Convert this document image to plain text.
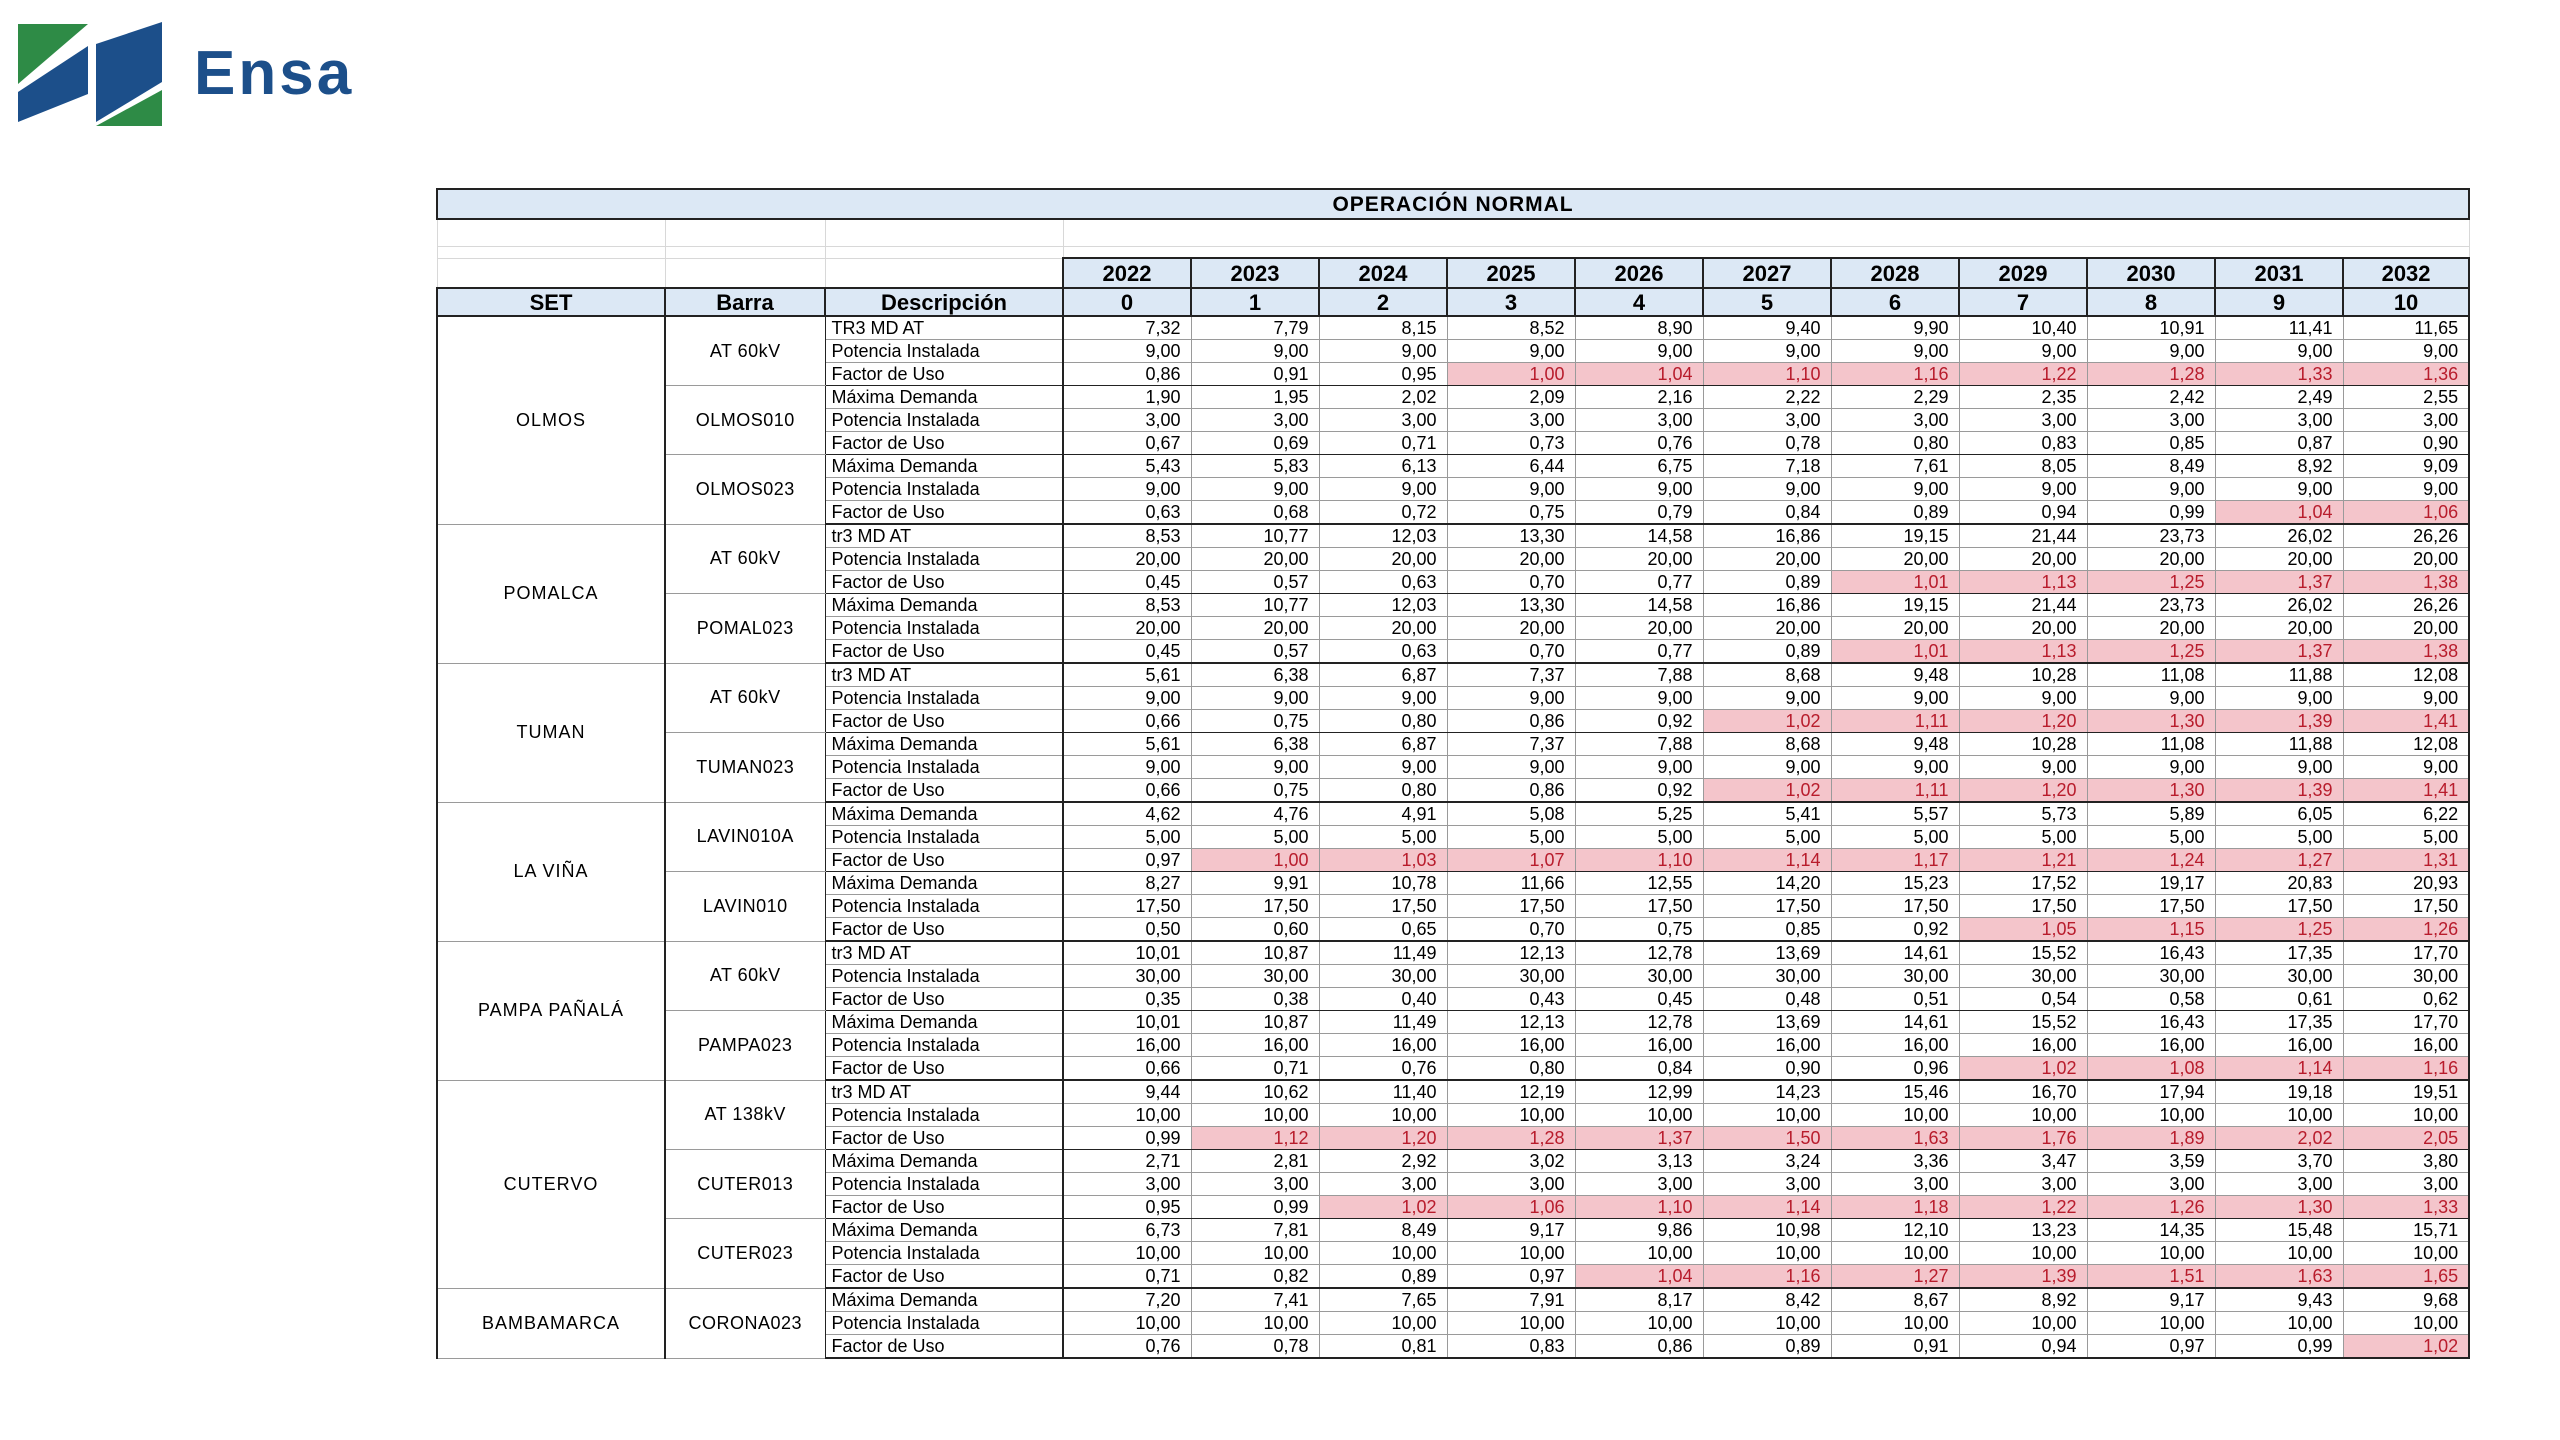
Ensa
OPERACIÓN NORMAL													

			2022	2023	2024	2025	2026	2027	2028	2029	2030	2031	2032
SET	Barra	Descripción	0	1	2	3	4	5	6	7	8	9	10
OLMOS	AT 60kV	TR3 MD AT	7,32	7,79	8,15	8,52	8,90	9,40	9,90	10,40	10,91	11,41	11,65
		Potencia Instalada	9,00	9,00	9,00	9,00	9,00	9,00	9,00	9,00	9,00	9,00	9,00
		Factor de Uso	0,86	0,91	0,95	1,00	1,04	1,10	1,16	1,22	1,28	1,33	1,36
	OLMOS010	Máxima Demanda	1,90	1,95	2,02	2,09	2,16	2,22	2,29	2,35	2,42	2,49	2,55
		Potencia Instalada	3,00	3,00	3,00	3,00	3,00	3,00	3,00	3,00	3,00	3,00	3,00
		Factor de Uso	0,67	0,69	0,71	0,73	0,76	0,78	0,80	0,83	0,85	0,87	0,90
	OLMOS023	Máxima Demanda	5,43	5,83	6,13	6,44	6,75	7,18	7,61	8,05	8,49	8,92	9,09
		Potencia Instalada	9,00	9,00	9,00	9,00	9,00	9,00	9,00	9,00	9,00	9,00	9,00
		Factor de Uso	0,63	0,68	0,72	0,75	0,79	0,84	0,89	0,94	0,99	1,04	1,06
POMALCA	AT 60kV	tr3 MD AT	8,53	10,77	12,03	13,30	14,58	16,86	19,15	21,44	23,73	26,02	26,26
		Potencia Instalada	20,00	20,00	20,00	20,00	20,00	20,00	20,00	20,00	20,00	20,00	20,00
		Factor de Uso	0,45	0,57	0,63	0,70	0,77	0,89	1,01	1,13	1,25	1,37	1,38
	POMAL023	Máxima Demanda	8,53	10,77	12,03	13,30	14,58	16,86	19,15	21,44	23,73	26,02	26,26
		Potencia Instalada	20,00	20,00	20,00	20,00	20,00	20,00	20,00	20,00	20,00	20,00	20,00
		Factor de Uso	0,45	0,57	0,63	0,70	0,77	0,89	1,01	1,13	1,25	1,37	1,38
TUMAN	AT 60kV	tr3 MD AT	5,61	6,38	6,87	7,37	7,88	8,68	9,48	10,28	11,08	11,88	12,08
		Potencia Instalada	9,00	9,00	9,00	9,00	9,00	9,00	9,00	9,00	9,00	9,00	9,00
		Factor de Uso	0,66	0,75	0,80	0,86	0,92	1,02	1,11	1,20	1,30	1,39	1,41
	TUMAN023	Máxima Demanda	5,61	6,38	6,87	7,37	7,88	8,68	9,48	10,28	11,08	11,88	12,08
		Potencia Instalada	9,00	9,00	9,00	9,00	9,00	9,00	9,00	9,00	9,00	9,00	9,00
		Factor de Uso	0,66	0,75	0,80	0,86	0,92	1,02	1,11	1,20	1,30	1,39	1,41
LA VIÑA	LAVIN010A	Máxima Demanda	4,62	4,76	4,91	5,08	5,25	5,41	5,57	5,73	5,89	6,05	6,22
		Potencia Instalada	5,00	5,00	5,00	5,00	5,00	5,00	5,00	5,00	5,00	5,00	5,00
		Factor de Uso	0,97	1,00	1,03	1,07	1,10	1,14	1,17	1,21	1,24	1,27	1,31
	LAVIN010	Máxima Demanda	8,27	9,91	10,78	11,66	12,55	14,20	15,23	17,52	19,17	20,83	20,93
		Potencia Instalada	17,50	17,50	17,50	17,50	17,50	17,50	17,50	17,50	17,50	17,50	17,50
		Factor de Uso	0,50	0,60	0,65	0,70	0,75	0,85	0,92	1,05	1,15	1,25	1,26
PAMPA PAÑALÁ	AT 60kV	tr3 MD AT	10,01	10,87	11,49	12,13	12,78	13,69	14,61	15,52	16,43	17,35	17,70
		Potencia Instalada	30,00	30,00	30,00	30,00	30,00	30,00	30,00	30,00	30,00	30,00	30,00
		Factor de Uso	0,35	0,38	0,40	0,43	0,45	0,48	0,51	0,54	0,58	0,61	0,62
	PAMPA023	Máxima Demanda	10,01	10,87	11,49	12,13	12,78	13,69	14,61	15,52	16,43	17,35	17,70
		Potencia Instalada	16,00	16,00	16,00	16,00	16,00	16,00	16,00	16,00	16,00	16,00	16,00
		Factor de Uso	0,66	0,71	0,76	0,80	0,84	0,90	0,96	1,02	1,08	1,14	1,16
CUTERVO	AT 138kV	tr3 MD AT	9,44	10,62	11,40	12,19	12,99	14,23	15,46	16,70	17,94	19,18	19,51
		Potencia Instalada	10,00	10,00	10,00	10,00	10,00	10,00	10,00	10,00	10,00	10,00	10,00
		Factor de Uso	0,99	1,12	1,20	1,28	1,37	1,50	1,63	1,76	1,89	2,02	2,05
	CUTER013	Máxima Demanda	2,71	2,81	2,92	3,02	3,13	3,24	3,36	3,47	3,59	3,70	3,80
		Potencia Instalada	3,00	3,00	3,00	3,00	3,00	3,00	3,00	3,00	3,00	3,00	3,00
		Factor de Uso	0,95	0,99	1,02	1,06	1,10	1,14	1,18	1,22	1,26	1,30	1,33
	CUTER023	Máxima Demanda	6,73	7,81	8,49	9,17	9,86	10,98	12,10	13,23	14,35	15,48	15,71
		Potencia Instalada	10,00	10,00	10,00	10,00	10,00	10,00	10,00	10,00	10,00	10,00	10,00
		Factor de Uso	0,71	0,82	0,89	0,97	1,04	1,16	1,27	1,39	1,51	1,63	1,65
BAMBAMARCA	CORONA023	Máxima Demanda	7,20	7,41	7,65	7,91	8,17	8,42	8,67	8,92	9,17	9,43	9,68
		Potencia Instalada	10,00	10,00	10,00	10,00	10,00	10,00	10,00	10,00	10,00	10,00	10,00
		Factor de Uso	0,76	0,78	0,81	0,83	0,86	0,89	0,91	0,94	0,97	0,99	1,02
